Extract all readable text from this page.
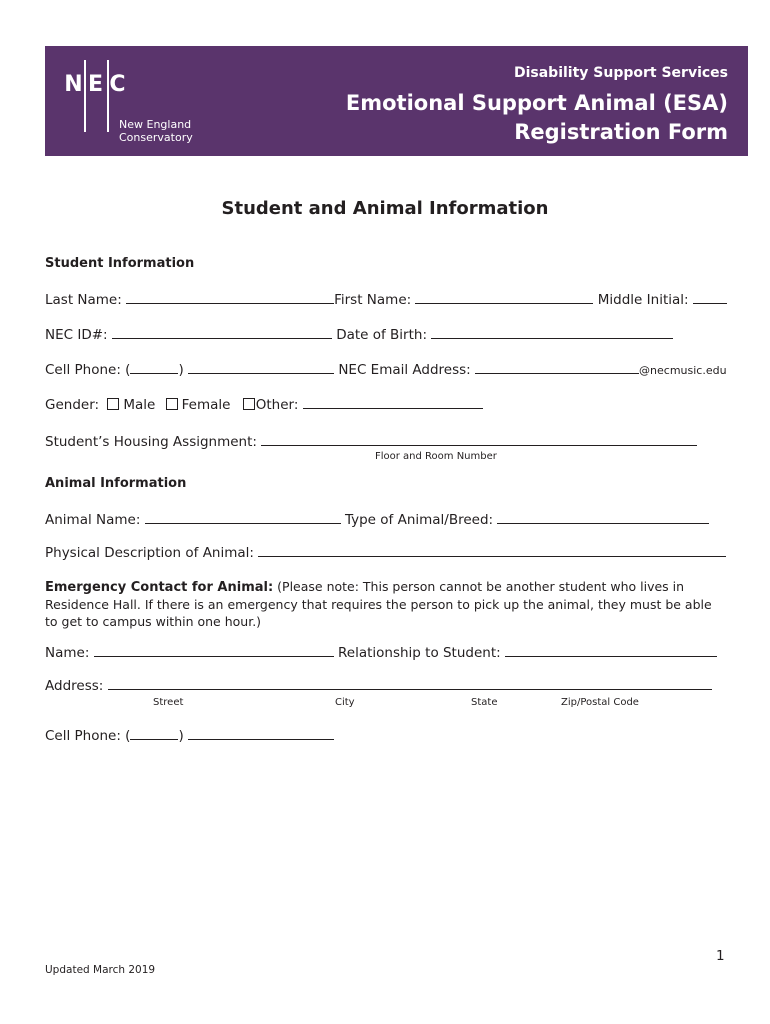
N E C
New England
Conservatory
Disability Support Services
Emotional Support Animal (ESA)
Registration Form
Student and Animal Information
Student Information
Last Name:	First Name:	Middle Initial:
NEC ID#:	Date of Birth:
Cell Phone: (	)	NEC Email Address:	@necmusic.edu
Gender: Male Female Other:
Student’s Housing Assignment:
Floor and Room Number
Animal Information
Animal Name:	Type of Animal/Breed:
Physical Description of Animal:
Emergency Contact for Animal: (Please note: This person cannot be another student who lives in Residence Hall. If there is an emergency that requires the person to pick up the animal, they must be able to get to campus within one hour.)
Name:	Relationship to Student:
Address:
Street	City	State	Zip/Postal Code
Cell Phone: (	)
1
Updated March 2019
